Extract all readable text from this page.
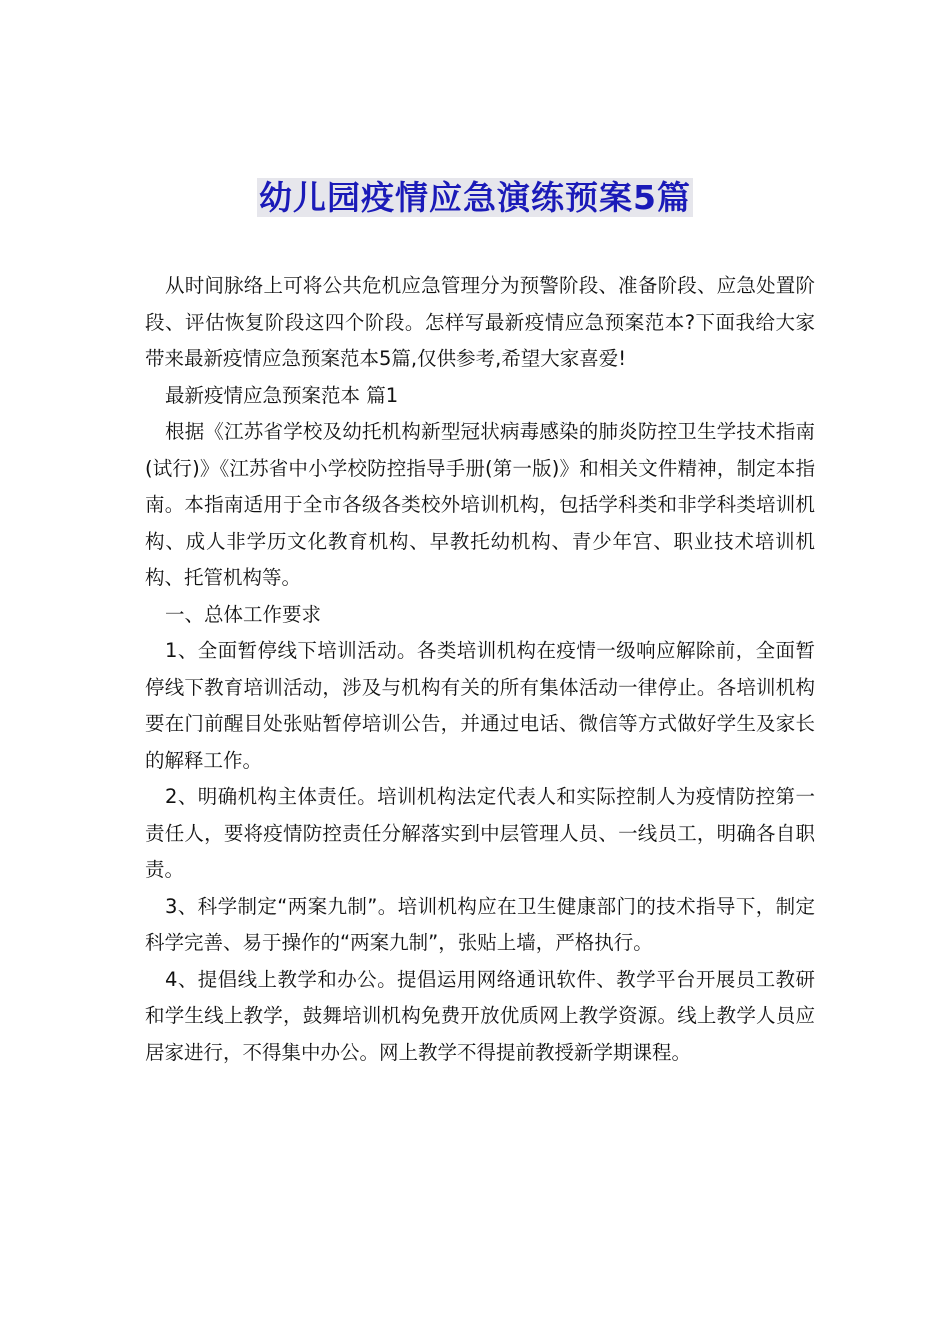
幼儿园疫情应急演练预案5篇

从时间脉络上可将公共危机应急管理分为预警阶段、准备阶段、应急处置阶段、评估恢复阶段这四个阶段。怎样写最新疫情应急预案范本?下面我给大家带来最新疫情应急预案范本5篇,仅供参考,希望大家喜爱!

最新疫情应急预案范本 篇1

根据《江苏省学校及幼托机构新型冠状病毒感染的肺炎防控卫生学技术指南(试行)》《江苏省中小学校防控指导手册(第一版)》和相关文件精神，制定本指南。本指南适用于全市各级各类校外培训机构，包括学科类和非学科类培训机构、成人非学历文化教育机构、早教托幼机构、青少年宫、职业技术培训机构、托管机构等。

一、总体工作要求

1、全面暂停线下培训活动。各类培训机构在疫情一级响应解除前，全面暂停线下教育培训活动，涉及与机构有关的所有集体活动一律停止。各培训机构要在门前醒目处张贴暂停培训公告，并通过电话、微信等方式做好学生及家长的解释工作。

2、明确机构主体责任。培训机构法定代表人和实际控制人为疫情防控第一责任人，要将疫情防控责任分解落实到中层管理人员、一线员工，明确各自职责。

3、科学制定“两案九制”。培训机构应在卫生健康部门的技术指导下，制定科学完善、易于操作的“两案九制”，张贴上墙，严格执行。

4、提倡线上教学和办公。提倡运用网络通讯软件、教学平台开展员工教研和学生线上教学，鼓舞培训机构免费开放优质网上教学资源。线上教学人员应居家进行，不得集中办公。网上教学不得提前教授新学期课程。
